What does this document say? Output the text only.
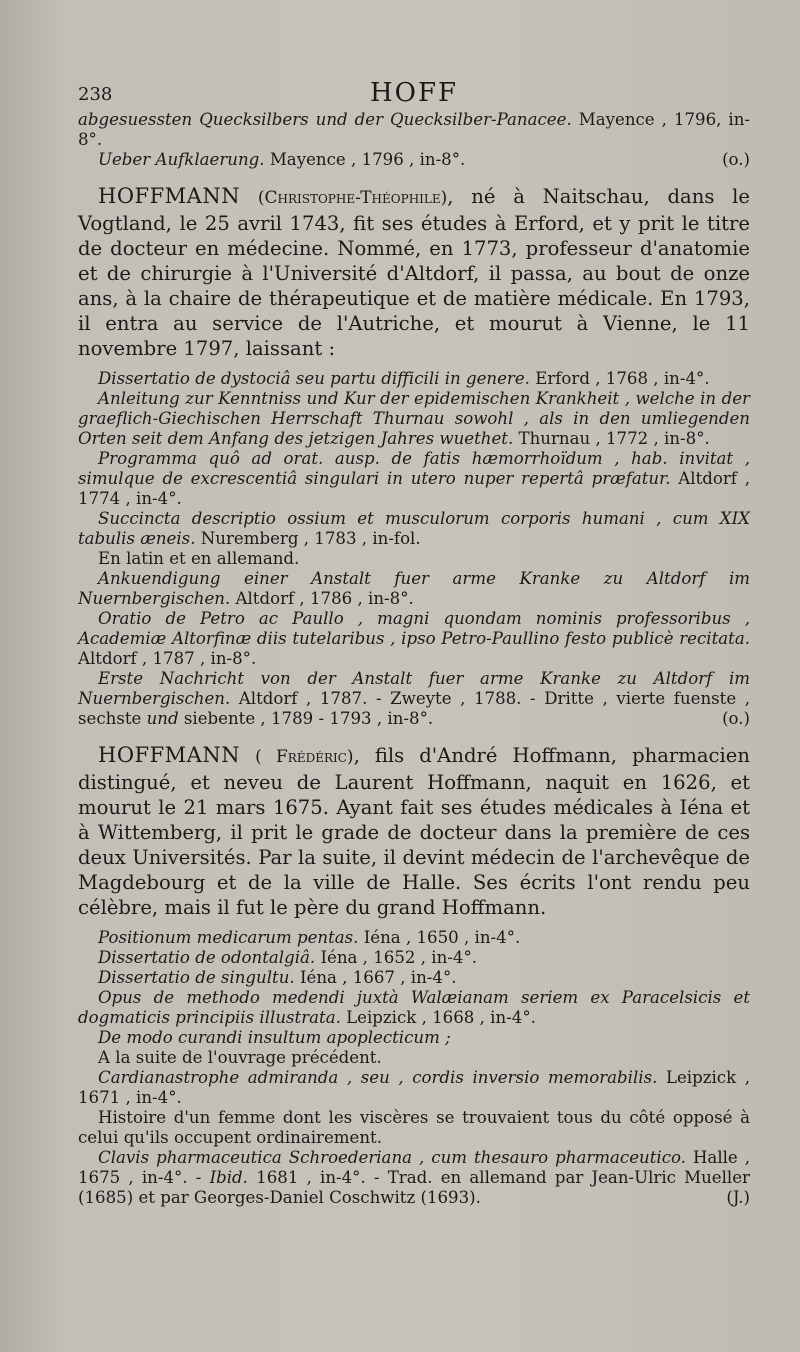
238	HOFF

abgesuessten Quecksilbers und der Quecksilber-Panacee. Mayence , 1796, in-8°.

Ueber Aufklaerung. Mayence , 1796 , in-8°.	(o.)

HOFFMANN (Christophe-Théophile), né à Naitschau, dans le Vogtland, le 25 avril 1743, fit ses études à Erford, et y prit le titre de docteur en médecine. Nommé, en 1773, professeur d'anatomie et de chirurgie à l'Université d'Altdorf, il passa, au bout de onze ans, à la chaire de thérapeutique et de matière médicale. En 1793, il entra au service de l'Autriche, et mourut à Vienne, le 11 novembre 1797, laissant :

Dissertatio de dystociâ seu partu difficili in genere. Erford , 1768 , in-4°.

Anleitung zur Kenntniss und Kur der epidemischen Krankheit , welche in der graeflich-Giechischen Herrschaft Thurnau sowohl , als in den umliegenden Orten seit dem Anfang des jetzigen Jahres wuethet. Thurnau , 1772 , in-8°.

Programma quô ad orat. ausp. de fatis hæmorrhoïdum , hab. invitat , simulque de excrescentiâ singulari in utero nuper repertâ præfatur. Altdorf , 1774 , in-4°.

Succincta descriptio ossium et musculorum corporis humani , cum XIX tabulis æneis. Nuremberg , 1783 , in-fol.

En latin et en allemand.

Ankuendigung einer Anstalt fuer arme Kranke zu Altdorf im Nuernbergischen. Altdorf , 1786 , in-8°.

Oratio de Petro ac Paullo , magni quondam nominis professoribus , Academiæ Altorfinæ diis tutelaribus , ipso Petro-Paullino festo publicè recitata. Altdorf , 1787 , in-8°.

Erste Nachricht von der Anstalt fuer arme Kranke zu Altdorf im Nuernbergischen. Altdorf , 1787. - Zweyte , 1788. - Dritte , vierte fuenste , sechste und siebente , 1789 - 1793 , in-8°.	(o.)

HOFFMANN ( Frédéric), fils d'André Hoffmann, pharmacien distingué, et neveu de Laurent Hoffmann, naquit en 1626, et mourut le 21 mars 1675. Ayant fait ses études médicales à Iéna et à Wittemberg, il prit le grade de docteur dans la première de ces deux Universités. Par la suite, il devint médecin de l'archevêque de Magdebourg et de la ville de Halle. Ses écrits l'ont rendu peu célèbre, mais il fut le père du grand Hoffmann.

Positionum medicarum pentas. Iéna , 1650 , in-4°.

Dissertatio de odontalgiâ. Iéna , 1652 , in-4°.

Dissertatio de singultu. Iéna , 1667 , in-4°.

Opus de methodo medendi juxtà Walæianam seriem ex Paracelsicis et dogmaticis principiis illustrata. Leipzick , 1668 , in-4°.

De modo curandi insultum apoplecticum ;

A la suite de l'ouvrage précédent.

Cardianastrophe admiranda , seu , cordis inversio memorabilis. Leipzick , 1671 , in-4°.

Histoire d'un femme dont les viscères se trouvaient tous du côté opposé à celui qu'ils occupent ordinairement.

Clavis pharmaceutica Schroederiana , cum thesauro pharmaceutico. Halle , 1675 , in-4°. - Ibid. 1681 , in-4°. - Trad. en allemand par Jean-Ulric Mueller (1685) et par Georges-Daniel Coschwitz (1693).	(J.)
